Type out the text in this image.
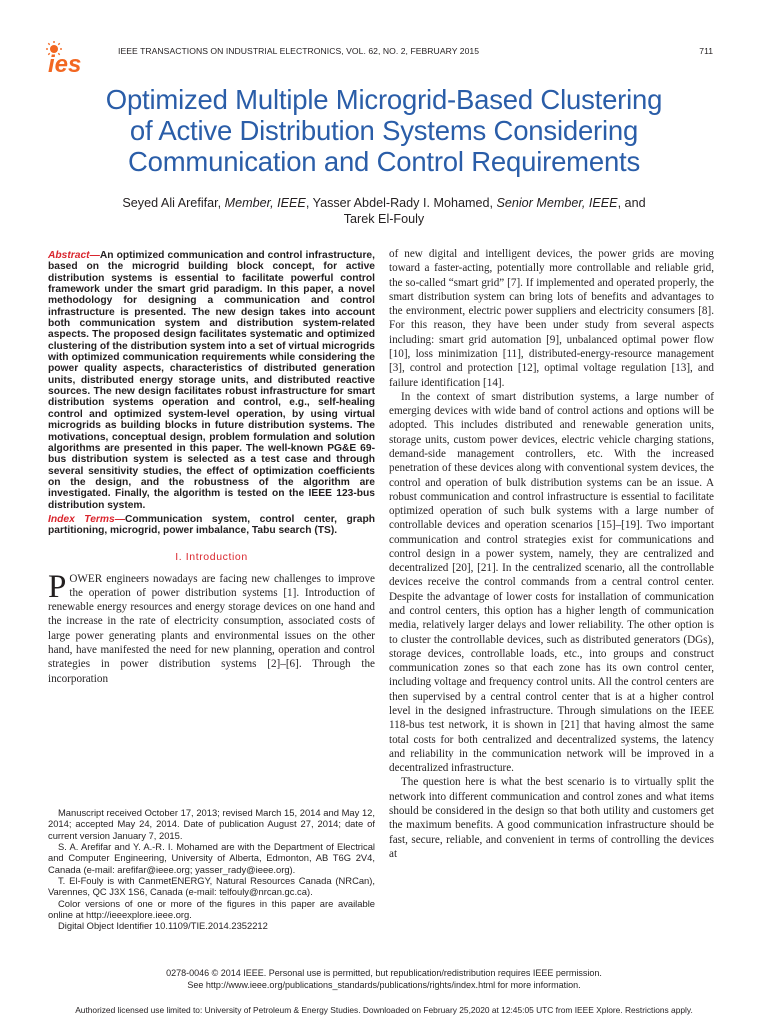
ies	IEEE TRANSACTIONS ON INDUSTRIAL ELECTRONICS, VOL. 62, NO. 2, FEBRUARY 2015	711
Optimized Multiple Microgrid-Based Clustering
of Active Distribution Systems Considering
Communication and Control Requirements
Seyed Ali Arefifar, Member, IEEE, Yasser Abdel-Rady I. Mohamed, Senior Member, IEEE, and
Tarek El-Fouly

Abstract—An optimized communication and control infrastructure, based on the microgrid building block concept, for active distribution systems is essential to facilitate powerful control framework under the smart grid paradigm. In this paper, a novel methodology for designing a communication and control infrastructure is presented. The new design takes into account both communication system and distribution system-related aspects. The proposed design facilitates systematic and optimized clustering of the distribution system into a set of virtual microgrids with optimized communication requirements while considering the power quality aspects, characteristics of distributed generation units, distributed energy storage units, and distributed reactive sources. The new design facilitates robust infrastructure for smart distribution systems operation and control, e.g., self-healing control and optimized system-level operation, by using virtual microgrids as building blocks in future distribution systems. The motivations, conceptual design, problem formulation and solution algorithms are presented in this paper. The well-known PG&E 69-bus distribution system is selected as a test case and through several sensitivity studies, the effect of optimization coefficients on the design, and the robustness of the algorithm are investigated. Finally, the algorithm is tested on the IEEE 123-bus distribution system.

Index Terms—Communication system, control center, graph partitioning, microgrid, power imbalance, Tabu search (TS).

I. Introduction

POWER engineers nowadays are facing new challenges to improve the operation of power distribution systems [1]. Introduction of renewable energy resources and energy storage devices on one hand and the increase in the rate of electricity consumption, associated costs of large power generating plants and environmental issues on the other hand, have manifested the need for new planning, operation and control strategies in power distribution systems [2]–[6]. Through the incorporation

Manuscript received October 17, 2013; revised March 15, 2014 and May 12, 2014; accepted May 24, 2014. Date of publication August 27, 2014; date of current version January 7, 2015.

S. A. Arefifar and Y. A.-R. I. Mohamed are with the Department of Electrical and Computer Engineering, University of Alberta, Edmonton, AB T6G 2V4, Canada (e-mail: arefifar@ieee.org; yasser_rady@ieee.org).

T. El-Fouly is with CanmetENERGY, Natural Resources Canada (NRCan), Varennes, QC J3X 1S6, Canada (e-mail: telfouly@nrcan.gc.ca).

Color versions of one or more of the figures in this paper are available online at http://ieeexplore.ieee.org.

Digital Object Identifier 10.1109/TIE.2014.2352212

of new digital and intelligent devices, the power grids are moving toward a faster-acting, potentially more controllable and reliable grid, the so-called “smart grid” [7]. If implemented and operated properly, the smart distribution system can bring lots of benefits and advantages to the environment, electric power suppliers and electricity consumers [8]. For this reason, they have been under study from several aspects including: smart grid automation [9], unbalanced optimal power flow [10], loss minimization [11], distributed-energy-resource management [3], control and protection [12], optimal voltage regulation [13], and failure identification [14].

In the context of smart distribution systems, a large number of emerging devices with wide band of control actions and options will be adopted. This includes distributed and renewable generation units, storage units, custom power devices, electric vehicle charging stations, demand-side management controllers, etc. With the increased penetration of these devices along with conventional system devices, the control and operation of bulk distribution systems can be an issue. A robust communication and control infrastructure is essential to facilitate optimized operation of such bulk systems with a large number of controllable devices and operation scenarios [15]–[19]. Two important communication and control strategies exist for communications and control design in a power system, namely, they are centralized and decentralized [20], [21]. In the centralized scenario, all the controllable devices receive the control commands from a central control center. Despite the advantage of lower costs for installation of communication and control centers, this option has a higher length of communication media, relatively larger delays and lower reliability. The other option is to cluster the controllable devices, such as distributed generators (DGs), storage devices, controllable loads, etc., into groups and construct communication zones so that each zone has its own control center, including voltage and frequency control units. All the control centers are then supervised by a central control center that is at a higher control level in the designed infrastructure. Through simulations on the IEEE 118-bus test network, it is shown in [21] that having almost the same total costs for both centralized and decentralized systems, the latency and reliability in the communication network will be improved in a decentralized infrastructure.

The question here is what the best scenario is to virtually split the network into different communication and control zones and what items should be considered in the design so that both utility and customers get the maximum benefits. A good communication infrastructure should be fast, secure, reliable, and convenient in terms of controlling the devices at

0278-0046 © 2014 IEEE. Personal use is permitted, but republication/redistribution requires IEEE permission.
See http://www.ieee.org/publications_standards/publications/rights/index.html for more information.
Authorized licensed use limited to: University of Petroleum & Energy Studies. Downloaded on February 25,2020 at 12:45:05 UTC from IEEE Xplore. Restrictions apply.
